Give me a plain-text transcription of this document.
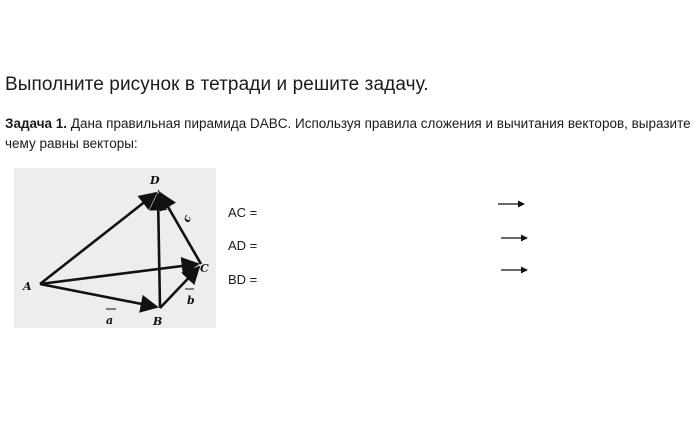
Выполните рисунок в тетради и решите задачу.
Задача 1. Дана правильная пирамида DABC. Используя правила сложения и вычитания векторов, выразите чему равны векторы:
D
A
B
C
a
b
c	AC =
AD =
BD =
